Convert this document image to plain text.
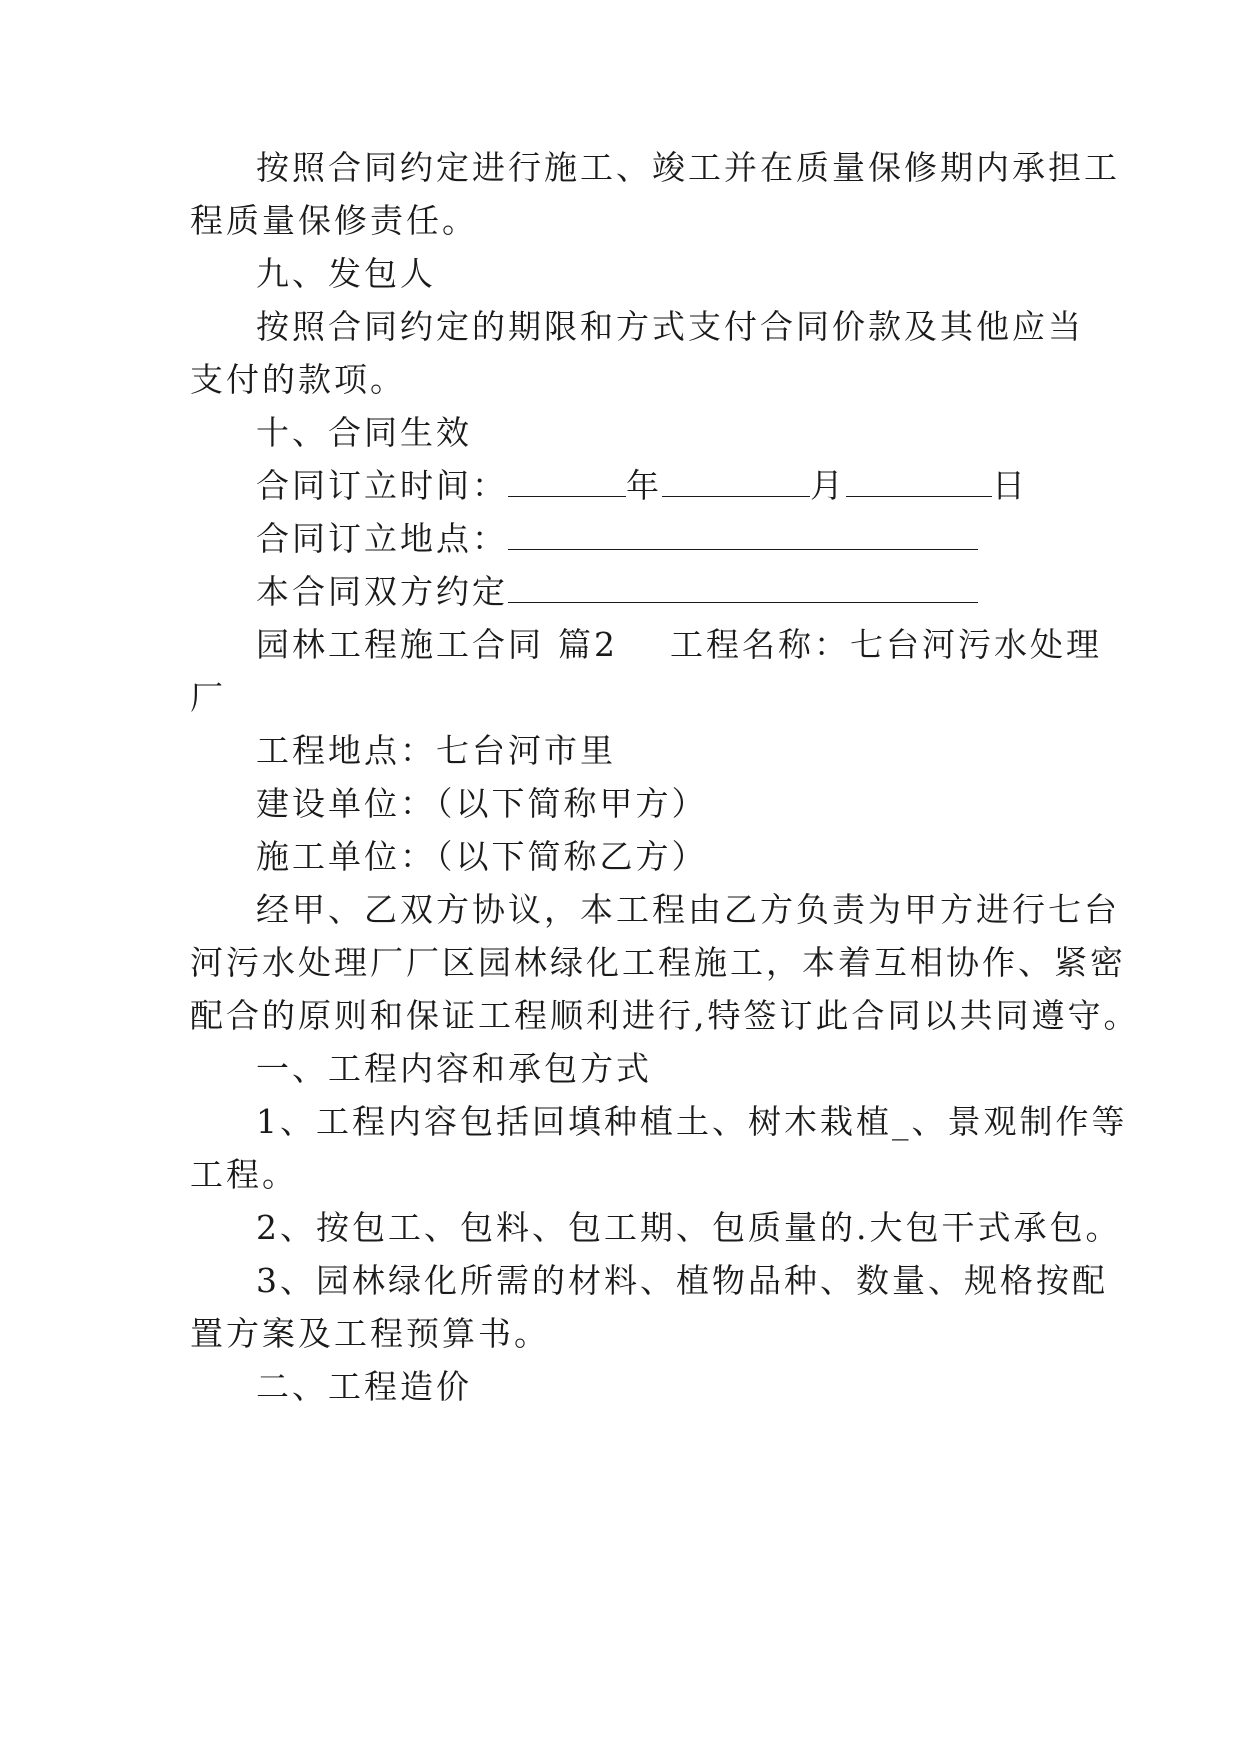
按照合同约定进行施工、竣工并在质量保修期内承担工
程质量保修责任。
九、发包人
按照合同约定的期限和方式支付合同价款及其他应当
支付的款项。
十、合同生效
合同订立时间：	年	月	日
合同订立地点：
本合同双方约定
园林工程施工合同 篇2 工程名称：七台河污水处理
厂
工程地点：七台河市里
建设单位：（以下简称甲方）
施工单位：（以下简称乙方）
经甲、乙双方协议，本工程由乙方负责为甲方进行七台
河污水处理厂厂区园林绿化工程施工，本着互相协作、紧密
配合的原则和保证工程顺利进行,特签订此合同以共同遵守。
一、工程内容和承包方式
1、工程内容包括回填种植土、树木栽植_、景观制作等
工程。
2、按包工、包料、包工期、包质量的.大包干式承包。
3、园林绿化所需的材料、植物品种、数量、规格按配
置方案及工程预算书。
二、工程造价
